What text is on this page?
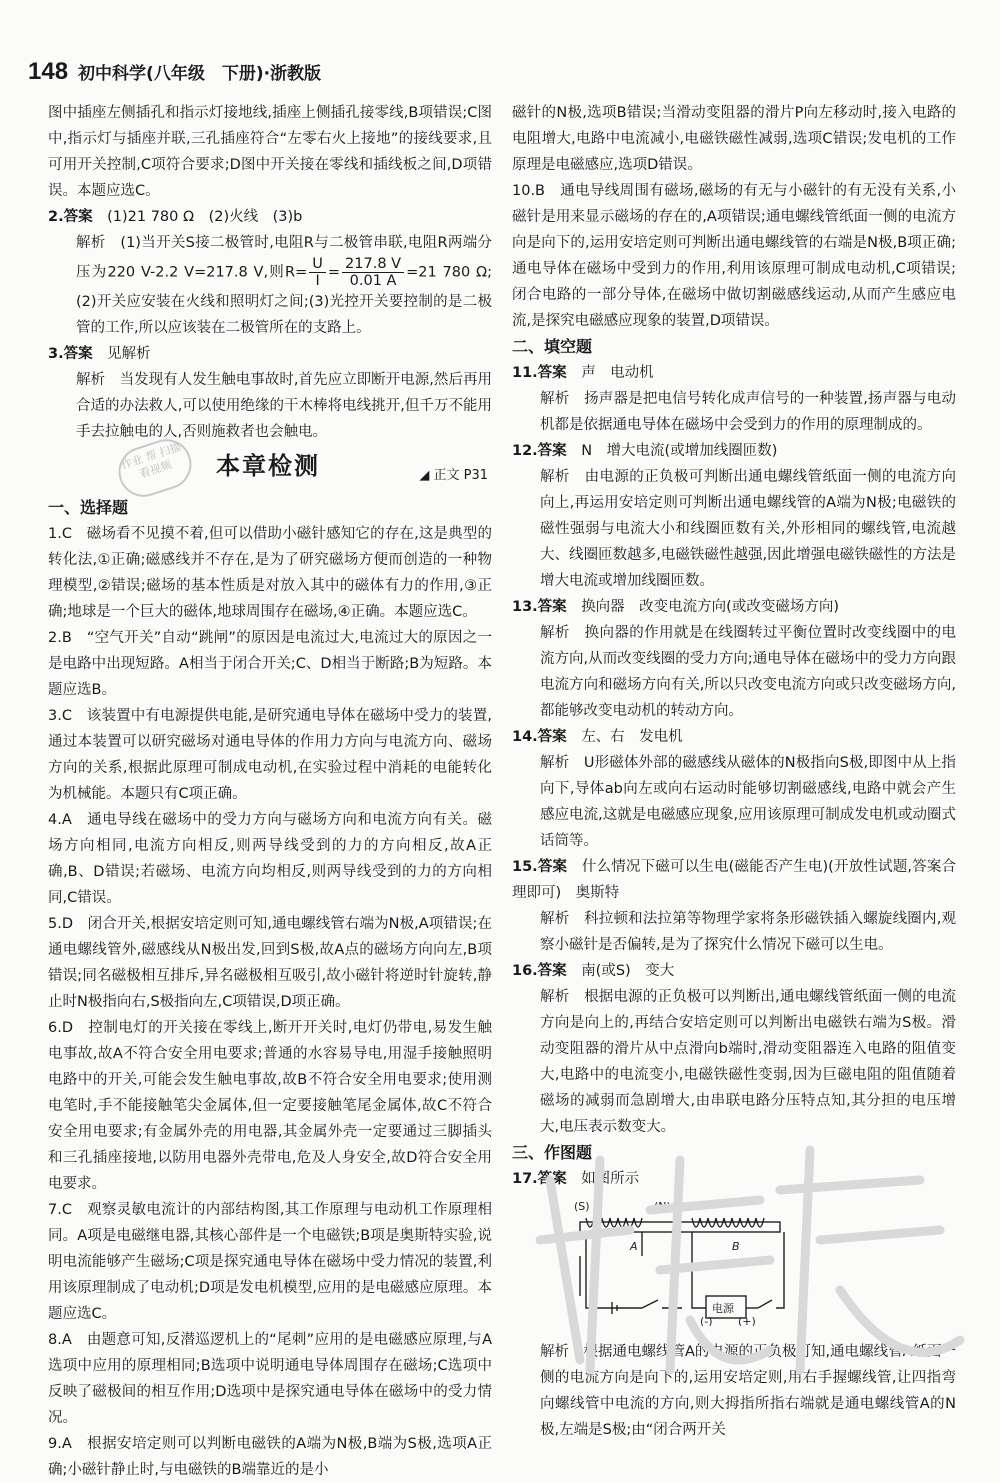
148 初中科学(八年级　下册)·浙教版

图中插座左侧插孔和指示灯接地线,插座上侧插孔接零线,B项错误;C图中,指示灯与插座并联,三孔插座符合“左零右火上接地”的接线要求,且可用开关控制,C项符合要求;D图中开关接在零线和插线板之间,D项错误。本题应选C。

2.答案　 (1)21 780 Ω　(2)火线　(3)b

解析　(1)当开关S接二极管时,电阻R与二极管串联,电阻R两端分压为220 V-2.2 V=217.8 V,则$R= \frac{U}{I} = \frac{217.8 V}{0.01 A} =21$ 780 Ω;(2)开关应安装在火线和照明灯之间;(3)光控开关要控制的是二极管的工作,所以应该装在二极管所在的支路上。

3.答案　 见解析

解析　当发现有人发生触电事故时,首先应立即断开电源,然后再用合适的办法救人,可以使用绝缘的干木棒将电线挑开,但千万不能用手去拉触电的人,否则施救者也会触电。

作业 帮 扫描 看视频	本章检测	◢ 正文 P31

一、选择题

1.C　磁场看不见摸不着,但可以借助小磁针感知它的存在,这是典型的转化法,①正确;磁感线并不存在,是为了研究磁场方便而创造的一种物理模型,②错误;磁场的基本性质是对放入其中的磁体有力的作用,③正确;地球是一个巨大的磁体,地球周围存在磁场,④正确。本题应选C。

2.B　“空气开关”自动“跳闸”的原因是电流过大,电流过大的原因之一是电路中出现短路。A相当于闭合开关;C、D相当于断路;B为短路。本题应选B。

3.C　该装置中有电源提供电能,是研究通电导体在磁场中受力的装置,通过本装置可以研究磁场对通电导体的作用力方向与电流方向、磁场方向的关系,根据此原理可制成电动机,在实验过程中消耗的电能转化为机械能。本题只有C项正确。

4.A　通电导线在磁场中的受力方向与磁场方向和电流方向有关。磁场方向相同,电流方向相反,则两导线受到的力的方向相反,故A正确,B、D错误;若磁场、电流方向均相反,则两导线受到的力的方向相同,C错误。

5.D　闭合开关,根据安培定则可知,通电螺线管右端为N极,A项错误;在通电螺线管外,磁感线从N极出发,回到S极,故A点的磁场方向向左,B项错误;同名磁极相互排斥,异名磁极相互吸引,故小磁针将逆时针旋转,静止时N极指向右,S极指向左,C项错误,D项正确。

6.D　控制电灯的开关接在零线上,断开开关时,电灯仍带电,易发生触电事故,故A不符合安全用电要求;普通的水容易导电,用湿手接触照明电路中的开关,可能会发生触电事故,故B不符合安全用电要求;使用测电笔时,手不能接触笔尖金属体,但一定要接触笔尾金属体,故C不符合安全用电要求;有金属外壳的用电器,其金属外壳一定要通过三脚插头和三孔插座接地,以防用电器外壳带电,危及人身安全,故D符合安全用电要求。

7.C　观察灵敏电流计的内部结构图,其工作原理与电动机工作原理相同。A项是电磁继电器,其核心部件是一个电磁铁;B项是奥斯特实验,说明电流能够产生磁场;C项是探究通电导体在磁场中受力情况的装置,利用该原理制成了电动机;D项是发电机模型,应用的是电磁感应原理。本题应选C。

8.A　由题意可知,反潜巡逻机上的“尾刺”应用的是电磁感应原理,与A选项中应用的原理相同;B选项中说明通电导体周围存在磁场;C选项中反映了磁极间的相互作用;D选项中是探究通电导体在磁场中的受力情况。

9.A　根据安培定则可以判断电磁铁的A端为N极,B端为S极,选项A正确;小磁针静止时,与电磁铁的B端靠近的是小

磁针的N极,选项B错误;当滑动变阻器的滑片P向左移动时,接入电路的电阻增大,电路中电流减小,电磁铁磁性减弱,选项C错误;发电机的工作原理是电磁感应,选项D错误。

10.B　通电导线周围有磁场,磁场的有无与小磁针的有无没有关系,小磁针是用来显示磁场的存在的,A项错误;通电螺线管纸面一侧的电流方向是向下的,运用安培定则可判断出通电螺线管的右端是N极,B项正确;通电导体在磁场中受到力的作用,利用该原理可制成电动机,C项错误;闭合电路的一部分导体,在磁场中做切割磁感线运动,从而产生感应电流,是探究电磁感应现象的装置,D项错误。

二、填空题

11.答案　 声　电动机

解析　扬声器是把电信号转化成声信号的一种装置,扬声器与电动机都是依据通电导体在磁场中会受到力的作用的原理制成的。

12.答案　 N　增大电流(或增加线圈匝数)

解析　由电源的正负极可判断出通电螺线管纸面一侧的电流方向向上,再运用安培定则可判断出通电螺线管的A端为N极;电磁铁的磁性强弱与电流大小和线圈匝数有关,外形相同的螺线管,电流越大、线圈匝数越多,电磁铁磁性越强,因此增强电磁铁磁性的方法是增大电流或增加线圈匝数。

13.答案　 换向器　改变电流方向(或改变磁场方向)

解析　换向器的作用就是在线圈转过平衡位置时改变线圈中的电流方向,从而改变线圈的受力方向;通电导体在磁场中的受力方向跟电流方向和磁场方向有关,所以只改变电流方向或只改变磁场方向,都能够改变电动机的转动方向。

14.答案　 左、右　发电机

解析　U形磁体外部的磁感线从磁体的N极指向S极,即图中从上指向下,导体ab向左或向右运动时能够切割磁感线,电路中就会产生感应电流,这就是电磁感应现象,应用该原理可制成发电机或动圈式话筒等。

15.答案　 什么情况下磁可以生电(磁能否产生电)(开放性试题,答案合理即可)　奥斯特

解析　科拉顿和法拉第等物理学家将条形磁铁插入螺旋线圈内,观察小磁针是否偏转,是为了探究什么情况下磁可以生电。

16.答案　 南(或S)　变大

解析　根据电源的正负极可以判断出,通电螺线管纸面一侧的电流方向是向上的,再结合安培定则可以判断出电磁铁右端为S极。滑动变阻器的滑片从中点滑向b端时,滑动变阻器连入电路的阻值变大,电路中的电流变小,电磁铁磁性变弱,因为巨磁电阻的阻值随着磁场的减弱而急剧增大,由串联电路分压特点知,其分担的电压增大,电压表示数变大。

三、作图题

17.答案　 如图所示

(S)	(N)
A	B
电源
(-) (+)

解析　根据通电螺线管A的电源的正负极可知,通电螺线管A纸面一侧的电流方向是向下的,运用安培定则,用右手握螺线管,让四指弯向螺线管中电流的方向,则大拇指所指右端就是通电螺线管A的N极,左端是S极;由“闭合两开关
